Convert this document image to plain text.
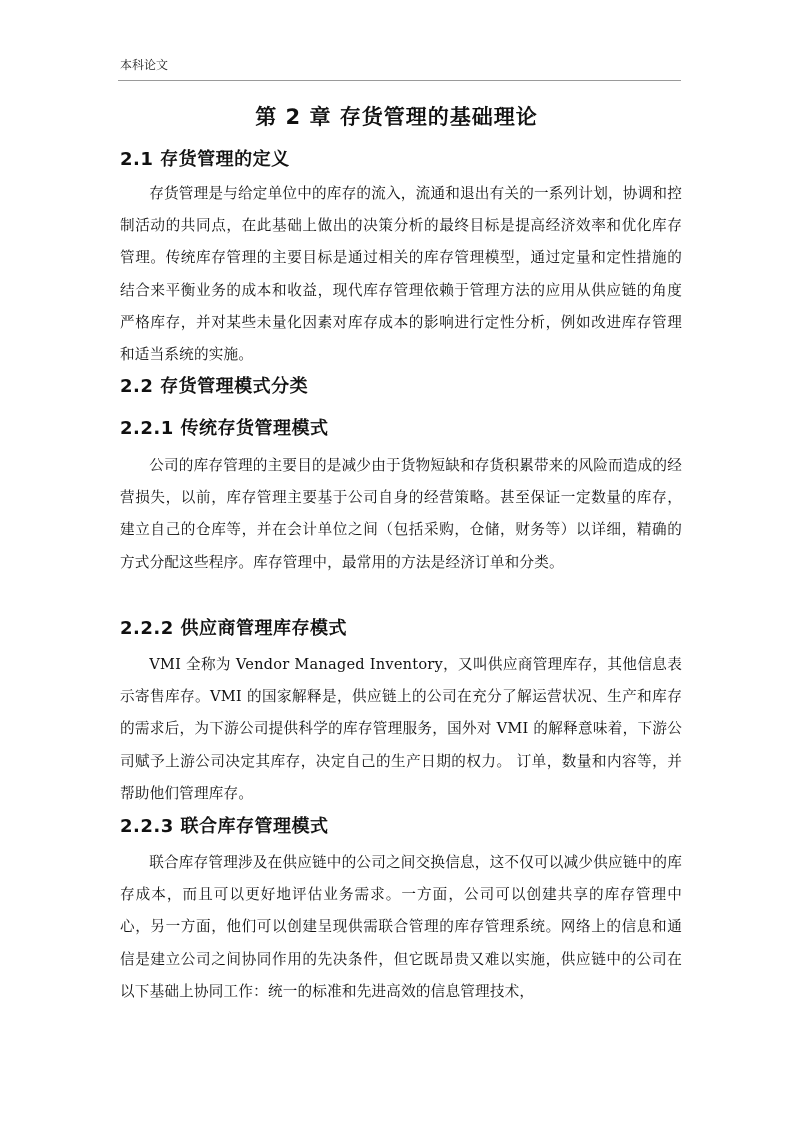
本科论文
第 2 章 存货管理的基础理论
2.1 存货管理的定义

存货管理是与给定单位中的库存的流入，流通和退出有关的一系列计划，协调和控制活动的共同点，在此基础上做出的决策分析的最终目标是提高经济效率和优化库存管理。传统库存管理的主要目标是通过相关的库存管理模型，通过定量和定性措施的结合来平衡业务的成本和收益，现代库存管理依赖于管理方法的应用从供应链的角度严格库存，并对某些未量化因素对库存成本的影响进行定性分析，例如改进库存管理和适当系统的实施。

2.2 存货管理模式分类
2.2.1 传统存货管理模式

公司的库存管理的主要目的是减少由于货物短缺和存货积累带来的风险而造成的经营损失，以前，库存管理主要基于公司自身的经营策略。甚至保证一定数量的库存，建立自己的仓库等，并在会计单位之间（包括采购，仓储，财务等）以详细，精确的方式分配这些程序。库存管理中，最常用的方法是经济订单和分类。

2.2.2 供应商管理库存模式

VMI 全称为 Vendor Managed Inventory，又叫供应商管理库存，其他信息表示寄售库存。VMI 的国家解释是，供应链上的公司在充分了解运营状况、生产和库存的需求后，为下游公司提供科学的库存管理服务，国外对 VMI 的解释意味着，下游公司赋予上游公司决定其库存，决定自己的生产日期的权力。 订单，数量和内容等，并帮助他们管理库存。

2.2.3 联合库存管理模式

联合库存管理涉及在供应链中的公司之间交换信息，这不仅可以减少供应链中的库存成本，而且可以更好地评估业务需求。一方面，公司可以创建共享的库存管理中心，另一方面，他们可以创建呈现供需联合管理的库存管理系统。网络上的信息和通信是建立公司之间协同作用的先决条件，但它既昂贵又难以实施，供应链中的公司在以下基础上协同工作：统一的标准和先进高效的信息管理技术，
